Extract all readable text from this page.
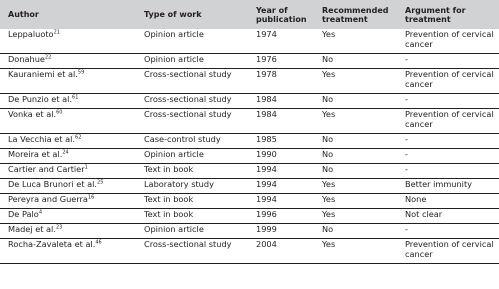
Author	Type of work	Year of publication	Recommended treatment	Argument for treatment
Leppaluoto$^{21}$	Opinion article	1974	Yes	Prevention of cervical cancer
Donahue$^{22}$	Opinion article	1976	No	-
Kauraniemi et al.$^{59}$	Cross-sectional study	1978	Yes	Prevention of cervical cancer
De Punzio et al.$^{61}$	Cross-sectional study	1984	No	-
Vonka et al.$^{60}$	Cross-sectional study	1984	Yes	Prevention of cervical cancer
La Vecchia et al.$^{62}$	Case-control study	1985	No	-
Moreira et al.$^{24}$	Opinion article	1990	No	-
Cartier and Cartier$^1$	Text in book	1994	No	-
De Luca Brunori et al.$^{25}$	Laboratory study	1994	Yes	Better immunity
Pereyra and Guerra$^{16}$	Text in book	1994	Yes	None
De Palo$^4$	Text in book	1996	Yes	Not clear
Madej et al.$^{23}$	Opinion article	1999	No	-
Rocha-Zavaleta et al.$^{46}$	Cross-sectional study	2004	Yes	Prevention of cervical cancer
